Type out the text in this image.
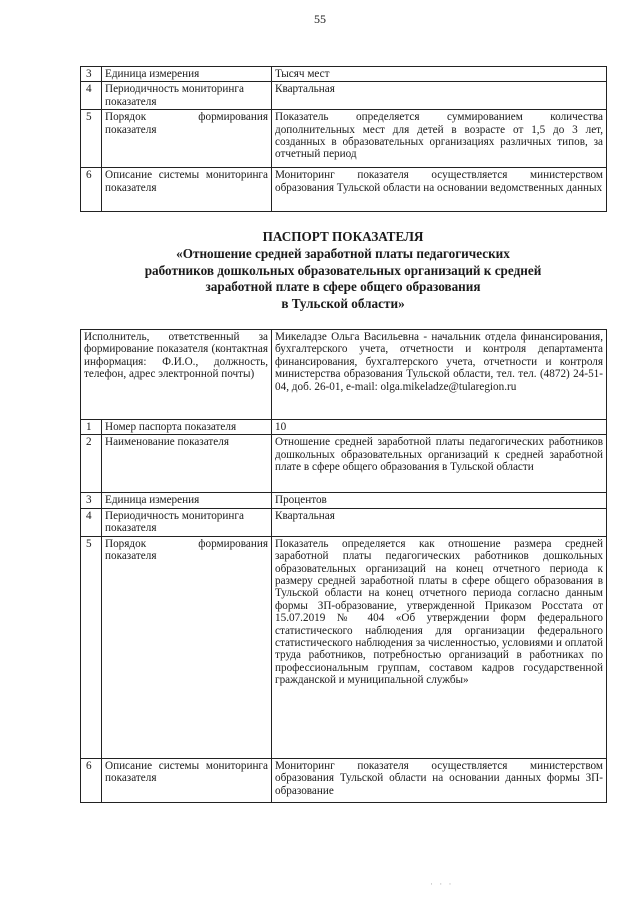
55
3	Единица измерения	Тысяч мест
4	Периодичность мониторинга показателя	Квартальная
5	Порядок формирования показателя	Показатель определяется суммированием количества дополнительных мест для детей в возрасте от 1,5 до 3 лет, созданных в образовательных организациях различных типов, за отчетный период
6	Описание системы мониторинга показателя	Мониторинг показателя осуществляется министерством образования Тульской области на основании ведомственных данных
ПАСПОРТ ПОКАЗАТЕЛЯ
«Отношение средней заработной платы педагогических
работников дошкольных образовательных организаций к средней
заработной плате в сфере общего образования
в Тульской области»
Исполнитель, ответственный за формирование показателя (контактная информация: Ф.И.О., должность, телефон, адрес электронной почты)		Микеладзе Ольга Васильевна - начальник отдела финансирования, бухгалтерского учета, отчетности и контроля департамента финансирования, бухгалтерского учета, отчетности и контроля министерства образования Тульской области, тел. тел. (4872) 24-51-04, доб. 26-01, e-mail: olga.mikeladze@tularegion.ru
1	Номер паспорта показателя	10
2	Наименование показателя	Отношение средней заработной платы педагогических работников дошкольных образовательных организаций к средней заработной плате в сфере общего образования в Тульской области
3	Единица измерения	Процентов
4	Периодичность мониторинга показателя	Квартальная
5	Порядок формирования показателя	Показатель определяется как отношение размера средней заработной платы педагогических работников дошкольных образовательных организаций на конец отчетного периода к размеру средней заработной платы в сфере общего образования в Тульской области на конец отчетного периода согласно данным формы ЗП-образование, утвержденной Приказом Росстата от 15.07.2019 № 404 «Об утверждении форм федерального статистического наблюдения для организации федерального статистического наблюдения за численностью, условиями и оплатой труда работников, потребностью организаций в работниках по профессиональным группам, составом кадров государственной гражданской и муниципальной службы»
6	Описание системы мониторинга показателя	Мониторинг показателя осуществляется министерством образования Тульской области на основании данных формы ЗП-образование
· · ·
